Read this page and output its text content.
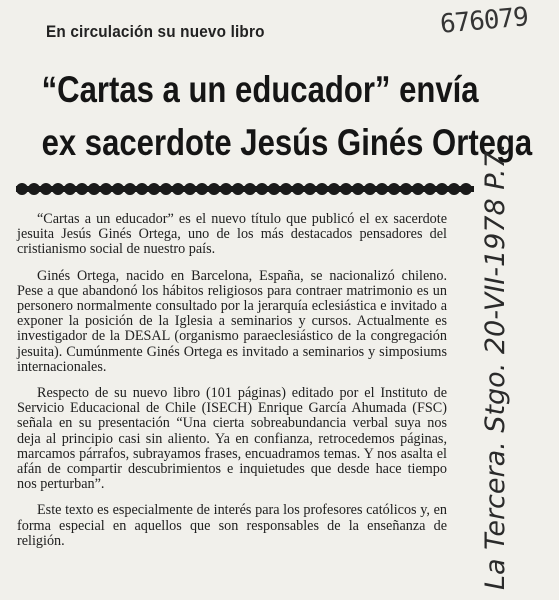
En circulación su nuevo libro
“Cartas a un educador” envía
ex sacerdote Jesús Ginés Ortega

“Cartas a un educador” es el nuevo título que publicó el ex sacerdote jesuita Jesús Ginés Ortega, uno de los más destacados pensadores del cristianismo social de nuestro país.

Ginés Ortega, nacido en Barcelona, España, se nacionalizó chileno. Pese a que abandonó los hábitos religiosos para contraer matrimonio es un personero normalmente consultado por la jerarquía eclesiástica e invitado a exponer la posición de la Iglesia a seminarios y cursos. Actualmente es investigador de la DESAL (organismo paraeclesiástico de la congregación jesuita). Cumúnmente Ginés Ortega es invitado a seminarios y simposiums internacionales.

Respecto de su nuevo libro (101 páginas) editado por el Instituto de Servicio Educacional de Chile (ISECH) Enrique García Ahumada (FSC) señala en su presentación “Una cierta sobreabundancia verbal suya nos deja al principio casi sin aliento. Ya en confianza, retrocedemos páginas, marcamos párrafos, subrayamos frases, encuadramos temas. Y nos asalta el afán de compartir descubrimientos e inquietudes que desde hace tiempo nos perturban”.

Este texto es especialmente de interés para los profesores católicos y, en forma especial en aquellos que son responsables de la enseñanza de religión.

676079
La Tercera. Stgo. 20-VII-1978 P.7.
